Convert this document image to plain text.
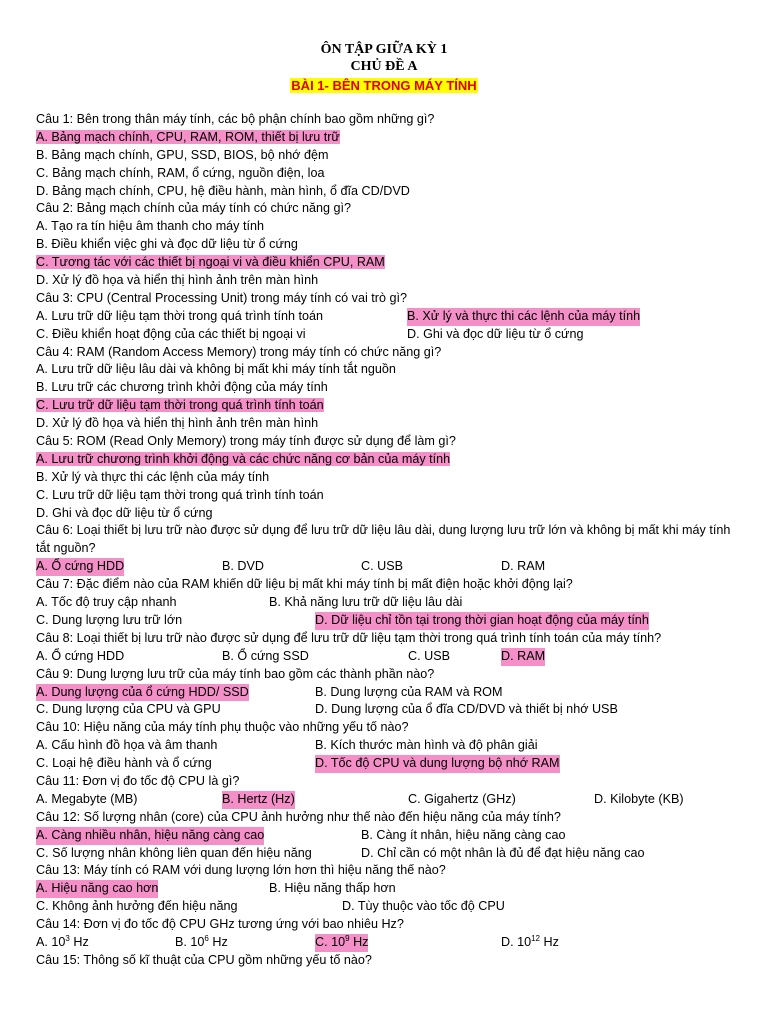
ÔN TẬP GIỮA KỲ 1
CHỦ ĐỀ A
BÀI 1- BÊN TRONG MÁY TÍNH
Câu 1: Bên trong thân máy tính, các bộ phận chính bao gồm những gì?
A. Bảng mạch chính, CPU, RAM, ROM, thiết bị lưu trữ
B. Bảng mạch chính, GPU, SSD, BIOS, bộ nhớ đệm
C. Bảng mạch chính, RAM, ổ cứng, nguồn điện, loa
D. Bảng mạch chính, CPU, hệ điều hành, màn hình, ổ đĩa CD/DVD
Câu 2: Bảng mạch chính của máy tính có chức năng gì?
A. Tạo ra tín hiệu âm thanh cho máy tính
B. Điều khiển việc ghi và đọc dữ liệu từ ổ cứng
C. Tương tác với các thiết bị ngoại vi và điều khiển CPU, RAM
D. Xử lý đồ họa và hiển thị hình ảnh trên màn hình
Câu 3: CPU (Central Processing Unit) trong máy tính có vai trò gì?
A. Lưu trữ dữ liệu tạm thời trong quá trình tính toán	B. Xử lý và thực thi các lệnh của máy tính
C. Điều khiển hoạt động của các thiết bị ngoại vi	D. Ghi và đọc dữ liệu từ ổ cứng
Câu 4: RAM (Random Access Memory) trong máy tính có chức năng gì?
A. Lưu trữ dữ liệu lâu dài và không bị mất khi máy tính tắt nguồn
B. Lưu trữ các chương trình khởi động của máy tính
C. Lưu trữ dữ liệu tạm thời trong quá trình tính toán
D. Xử lý đồ họa và hiển thị hình ảnh trên màn hình
Câu 5: ROM (Read Only Memory) trong máy tính được sử dụng để làm gì?
A. Lưu trữ chương trình khởi động và các chức năng cơ bản của máy tính
B. Xử lý và thực thi các lệnh của máy tính
C. Lưu trữ dữ liệu tạm thời trong quá trình tính toán
D. Ghi và đọc dữ liệu từ ổ cứng
Câu 6: Loại thiết bị lưu trữ nào được sử dụng để lưu trữ dữ liệu lâu dài, dung lượng lưu trữ lớn và không bị mất khi máy tính tắt nguồn?
A. Ổ cứng HDD	B. DVD	C. USB	D. RAM
Câu 7: Đặc điểm nào của RAM khiến dữ liệu bị mất khi máy tính bị mất điện hoặc khởi động lại?
A. Tốc độ truy cập nhanh	B. Khả năng lưu trữ dữ liệu lâu dài
C. Dung lượng lưu trữ lớn	D. Dữ liệu chỉ tồn tại trong thời gian hoạt động của máy tính
Câu 8: Loại thiết bị lưu trữ nào được sử dụng để lưu trữ dữ liệu tạm thời trong quá trình tính toán của máy tính?
A. Ổ cứng HDD	B. Ổ cứng SSD	C. USB	D. RAM
Câu 9: Dung lượng lưu trữ của máy tính bao gồm các thành phần nào?
A. Dung lượng của ổ cứng HDD/ SSD	B. Dung lượng của RAM và ROM
C. Dung lượng của CPU và GPU	D. Dung lượng của ổ đĩa CD/DVD và thiết bị nhớ USB
Câu 10: Hiệu năng của máy tính phụ thuộc vào những yếu tố nào?
A. Cấu hình đồ họa và âm thanh	B. Kích thước màn hình và độ phân giải
C. Loại hệ điều hành và ổ cứng	D. Tốc độ CPU và dung lượng bộ nhớ RAM
Câu 11: Đơn vị đo tốc độ CPU là gì?
A. Megabyte (MB)	B. Hertz (Hz)	C. Gigahertz (GHz)	D. Kilobyte (KB)
Câu 12: Số lượng nhân (core) của CPU ảnh hưởng như thế nào đến hiệu năng của máy tính?
A. Càng nhiều nhân, hiệu năng càng cao	B. Càng ít nhân, hiệu năng càng cao
C. Số lượng nhân không liên quan đến hiệu năng	D. Chỉ cần có một nhân là đủ để đạt hiệu năng cao
Câu 13: Máy tính có RAM với dung lượng lớn hơn thì hiệu năng thế nào?
A. Hiệu năng cao hơn	B. Hiệu năng thấp hơn
C. Không ảnh hưởng đến hiệu năng	D. Tùy thuộc vào tốc độ CPU
Câu 14: Đơn vị đo tốc độ CPU GHz tương ứng với bao nhiêu Hz?
A. $10^3$ Hz	B. $10^6$ Hz	C. $10^9$ Hz	D. $10^{12}$ Hz
Câu 15: Thông số kĩ thuật của CPU gồm những yếu tố nào?
